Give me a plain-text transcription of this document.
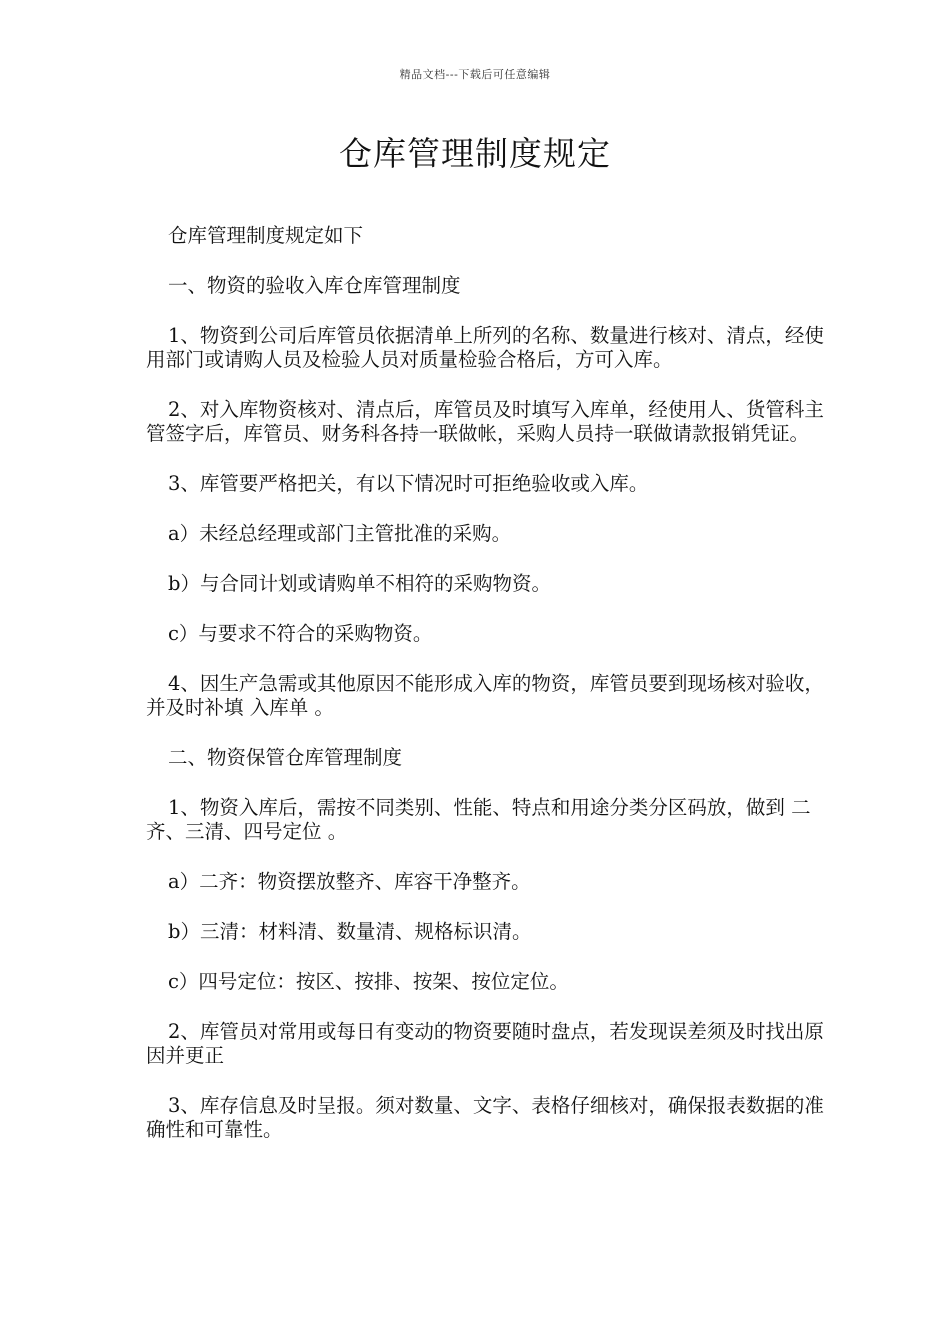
精品文档---下载后可任意编辑
仓库管理制度规定

仓库管理制度规定如下

一、物资的验收入库仓库管理制度

1、物资到公司后库管员依据清单上所列的名称、数量进行核对、清点，经使用部门或请购人员及检验人员对质量检验合格后，方可入库。

2、对入库物资核对、清点后，库管员及时填写入库单，经使用人、货管科主管签字后，库管员、财务科各持一联做帐，采购人员持一联做请款报销凭证。

3、库管要严格把关，有以下情况时可拒绝验收或入库。

a）未经总经理或部门主管批准的采购。

b）与合同计划或请购单不相符的采购物资。

c）与要求不符合的采购物资。

4、因生产急需或其他原因不能形成入库的物资，库管员要到现场核对验收，并及时补填 入库单 。

二、物资保管仓库管理制度

1、物资入库后，需按不同类别、性能、特点和用途分类分区码放，做到 二齐、三清、四号定位 。

a）二齐：物资摆放整齐、库容干净整齐。

b）三清：材料清、数量清、规格标识清。

c）四号定位：按区、按排、按架、按位定位。

2、库管员对常用或每日有变动的物资要随时盘点，若发现误差须及时找出原因并更正

3、库存信息及时呈报。须对数量、文字、表格仔细核对，确保报表数据的准确性和可靠性。
